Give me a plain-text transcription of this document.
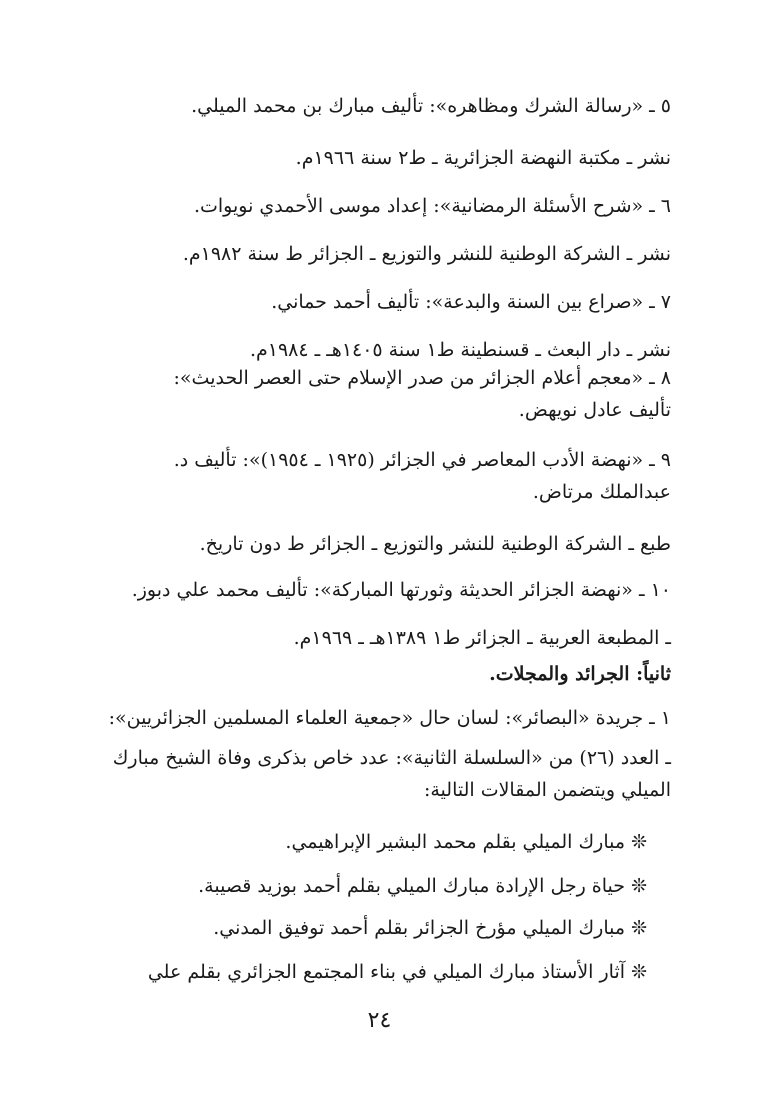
٥ ـ «رسالة الشرك ومظاهره»: تأليف مبارك بن محمد الميلي.
نشر ـ مكتبة النهضة الجزائرية ـ ط٢ سنة ١٩٦٦م.
٦ ـ «شرح الأسئلة الرمضانية»: إعداد موسى الأحمدي نويوات.
نشر ـ الشركة الوطنية للنشر والتوزيع ـ الجزائر ط سنة ١٩٨٢م.
٧ ـ «صراع بين السنة والبدعة»: تأليف أحمد حماني.
نشر ـ دار البعث ـ قسنطينة ط١ سنة ١٤٠٥هـ ـ ١٩٨٤م.
٨ ـ «معجم أعلام الجزائر من صدر الإسلام حتى العصر الحديث»:
تأليف عادل نويهض.
٩ ـ «نهضة الأدب المعاصر في الجزائر (١٩٢٥ ـ ١٩٥٤)»: تأليف د.
عبدالملك مرتاض.
طبع ـ الشركة الوطنية للنشر والتوزيع ـ الجزائر ط دون تاريخ.
١٠ ـ «نهضة الجزائر الحديثة وثورتها المباركة»: تأليف محمد علي دبوز.
ـ المطبعة العربية ـ الجزائر ط١ ١٣٨٩هـ ـ ١٩٦٩م.
ثانياً: الجرائد والمجلات.
١ ـ جريدة «البصائر»: لسان حال «جمعية العلماء المسلمين الجزائريين»:
ـ العدد (٢٦) من «السلسلة الثانية»: عدد خاص بذكرى وفاة الشيخ مبارك
الميلي ويتضمن المقالات التالية:
❊ مبارك الميلي بقلم محمد البشير الإبراهيمي.
❊ حياة رجل الإرادة مبارك الميلي بقلم أحمد بوزيد قصيبة.
❊ مبارك الميلي مؤرخ الجزائر بقلم أحمد توفيق المدني.
❊ آثار الأستاذ مبارك الميلي في بناء المجتمع الجزائري بقلم علي
٢٤
